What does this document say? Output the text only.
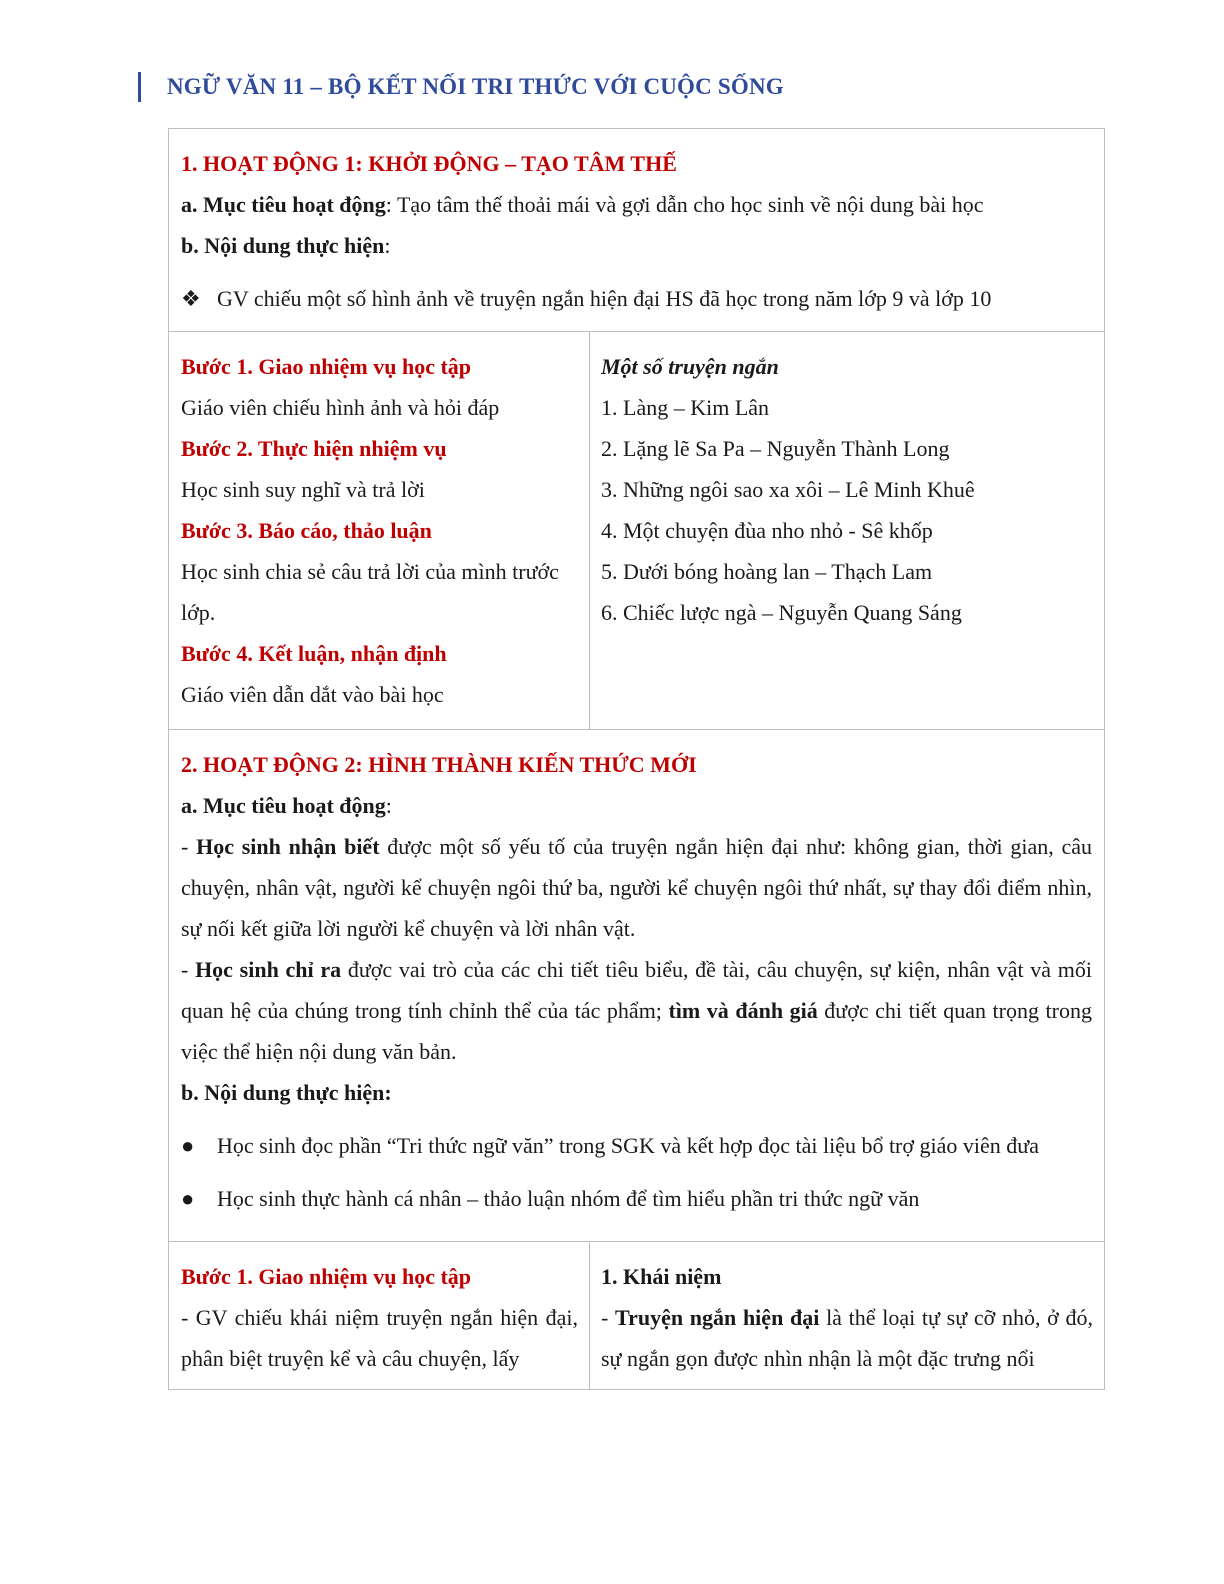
NGỮ VĂN 11 – BỘ KẾT NỐI TRI THỨC VỚI CUỘC SỐNG

1. HOẠT ĐỘNG 1: KHỞI ĐỘNG – TẠO TÂM THẾ

a. Mục tiêu hoạt động: Tạo tâm thế thoải mái và gợi dẫn cho học sinh về nội dung bài học

b. Nội dung thực hiện:

❖ GV chiếu một số hình ảnh về truyện ngắn hiện đại HS đã học trong năm lớp 9 và lớp 10

Bước 1. Giao nhiệm vụ học tập

Giáo viên chiếu hình ảnh và hỏi đáp

Bước 2. Thực hiện nhiệm vụ

Học sinh suy nghĩ và trả lời

Bước 3. Báo cáo, thảo luận

Học sinh chia sẻ câu trả lời của mình trước

lớp.

Bước 4. Kết luận, nhận định

Giáo viên dẫn dắt vào bài học

Một số truyện ngắn

1. Làng – Kim Lân

2. Lặng lẽ Sa Pa – Nguyễn Thành Long

3. Những ngôi sao xa xôi – Lê Minh Khuê

4. Một chuyện đùa nho nhỏ - Sê khốp

5. Dưới bóng hoàng lan – Thạch Lam

6. Chiếc lược ngà – Nguyễn Quang Sáng

2. HOẠT ĐỘNG 2: HÌNH THÀNH KIẾN THỨC MỚI

a. Mục tiêu hoạt động:

- Học sinh nhận biết được một số yếu tố của truyện ngắn hiện đại như: không gian, thời gian, câu chuyện, nhân vật, người kể chuyện ngôi thứ ba, người kể chuyện ngôi thứ nhất, sự thay đổi điểm nhìn, sự nối kết giữa lời người kể chuyện và lời nhân vật.

- Học sinh chỉ ra được vai trò của các chi tiết tiêu biểu, đề tài, câu chuyện, sự kiện, nhân vật và mối quan hệ của chúng trong tính chỉnh thể của tác phẩm; tìm và đánh giá được chi tiết quan trọng trong việc thể hiện nội dung văn bản.

b. Nội dung thực hiện:

●	Học sinh đọc phần “Tri thức ngữ văn” trong SGK và kết hợp đọc tài liệu bổ trợ giáo viên đưa
●	Học sinh thực hành cá nhân – thảo luận nhóm để tìm hiểu phần tri thức ngữ văn

Bước 1. Giao nhiệm vụ học tập

- GV chiếu khái niệm truyện ngắn hiện đại, phân biệt truyện kể và câu chuyện, lấy

1. Khái niệm

- Truyện ngắn hiện đại là thể loại tự sự cỡ nhỏ, ở đó, sự ngắn gọn được nhìn nhận là một đặc trưng nổi
